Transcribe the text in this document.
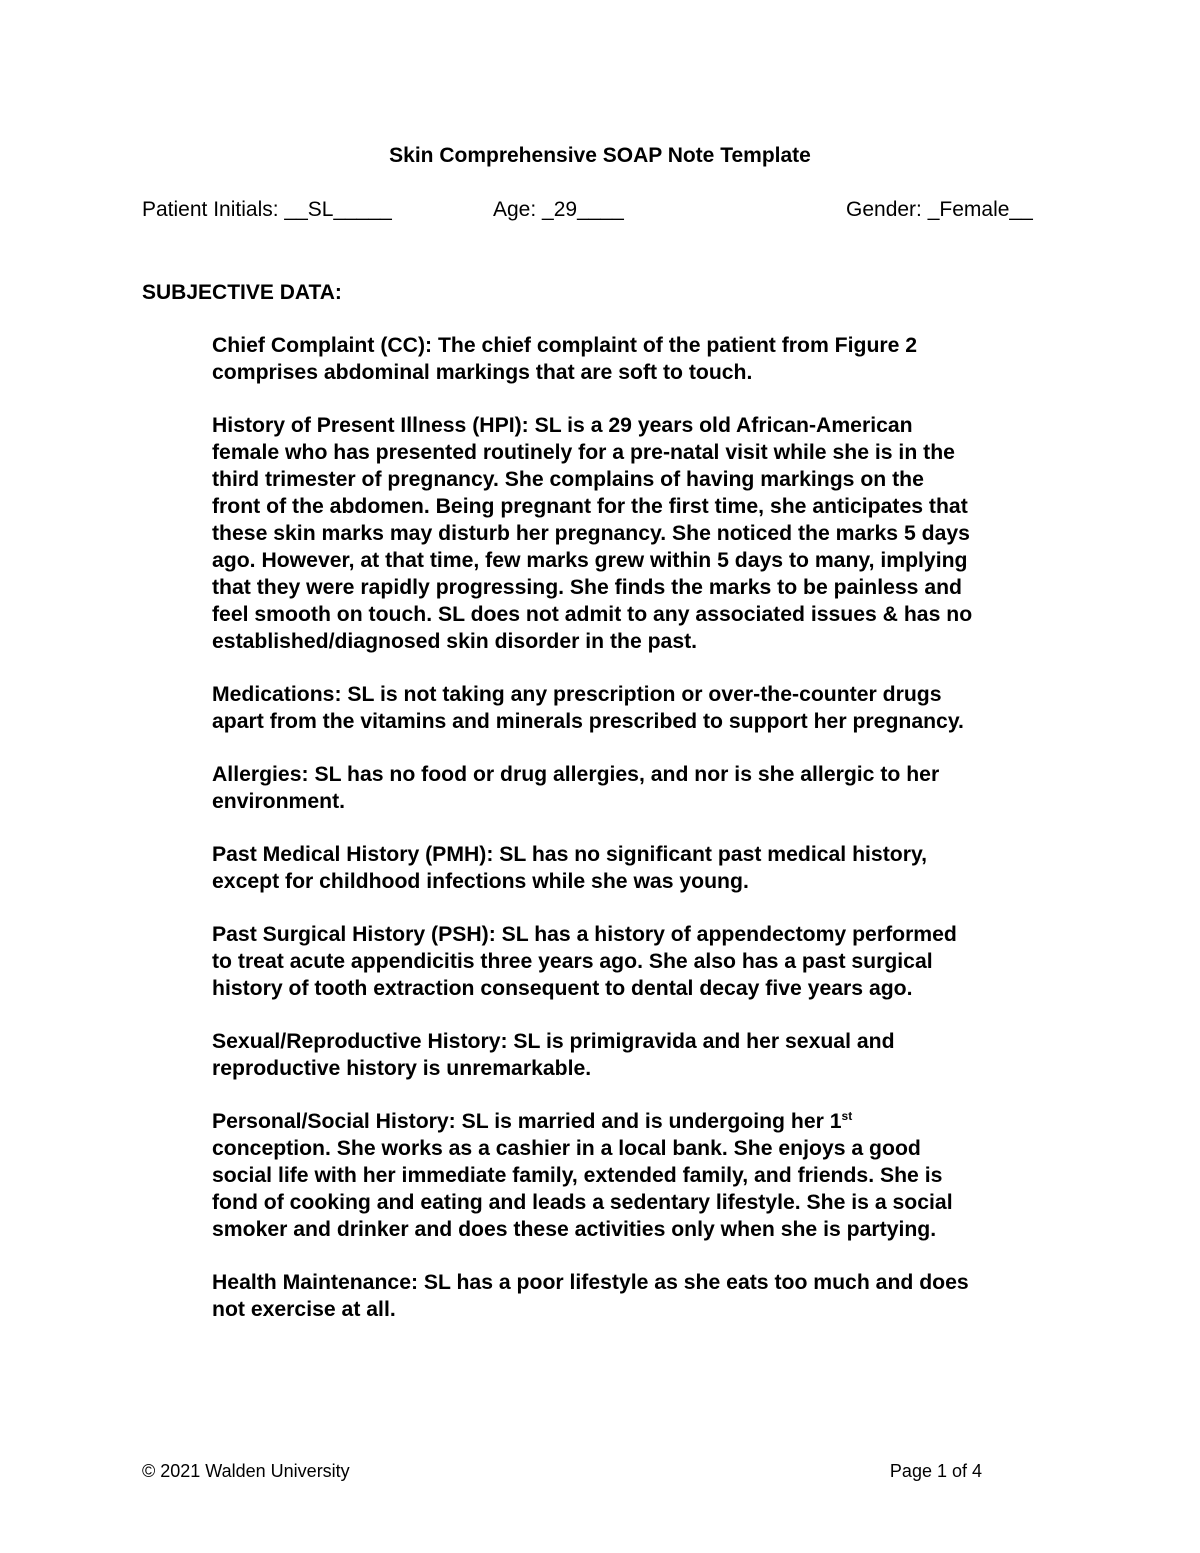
Skin Comprehensive SOAP Note Template
Patient Initials: __SL_____	Age: _29____	Gender: _Female__
SUBJECTIVE DATA:

Chief Complaint (CC): The chief complaint of the patient from Figure 2
comprises abdominal markings that are soft to touch.

History of Present Illness (HPI): SL is a 29 years old African-American
female who has presented routinely for a pre-natal visit while she is in the
third trimester of pregnancy. She complains of having markings on the
front of the abdomen. Being pregnant for the first time, she anticipates that
these skin marks may disturb her pregnancy. She noticed the marks 5 days
ago. However, at that time, few marks grew within 5 days to many, implying
that they were rapidly progressing. She finds the marks to be painless and
feel smooth on touch. SL does not admit to any associated issues & has no
established/diagnosed skin disorder in the past.

Medications: SL is not taking any prescription or over-the-counter drugs
apart from the vitamins and minerals prescribed to support her pregnancy.

Allergies: SL has no food or drug allergies, and nor is she allergic to her
environment.

Past Medical History (PMH): SL has no significant past medical history,
except for childhood infections while she was young.

Past Surgical History (PSH): SL has a history of appendectomy performed
to treat acute appendicitis three years ago. She also has a past surgical
history of tooth extraction consequent to dental decay five years ago.

Sexual/Reproductive History: SL is primigravida and her sexual and
reproductive history is unremarkable.

Personal/Social History: SL is married and is undergoing her 1st
conception. She works as a cashier in a local bank. She enjoys a good
social life with her immediate family, extended family, and friends. She is
fond of cooking and eating and leads a sedentary lifestyle. She is a social
smoker and drinker and does these activities only when she is partying.

Health Maintenance: SL has a poor lifestyle as she eats too much and does
not exercise at all.

© 2021 Walden University	Page 1 of 4
